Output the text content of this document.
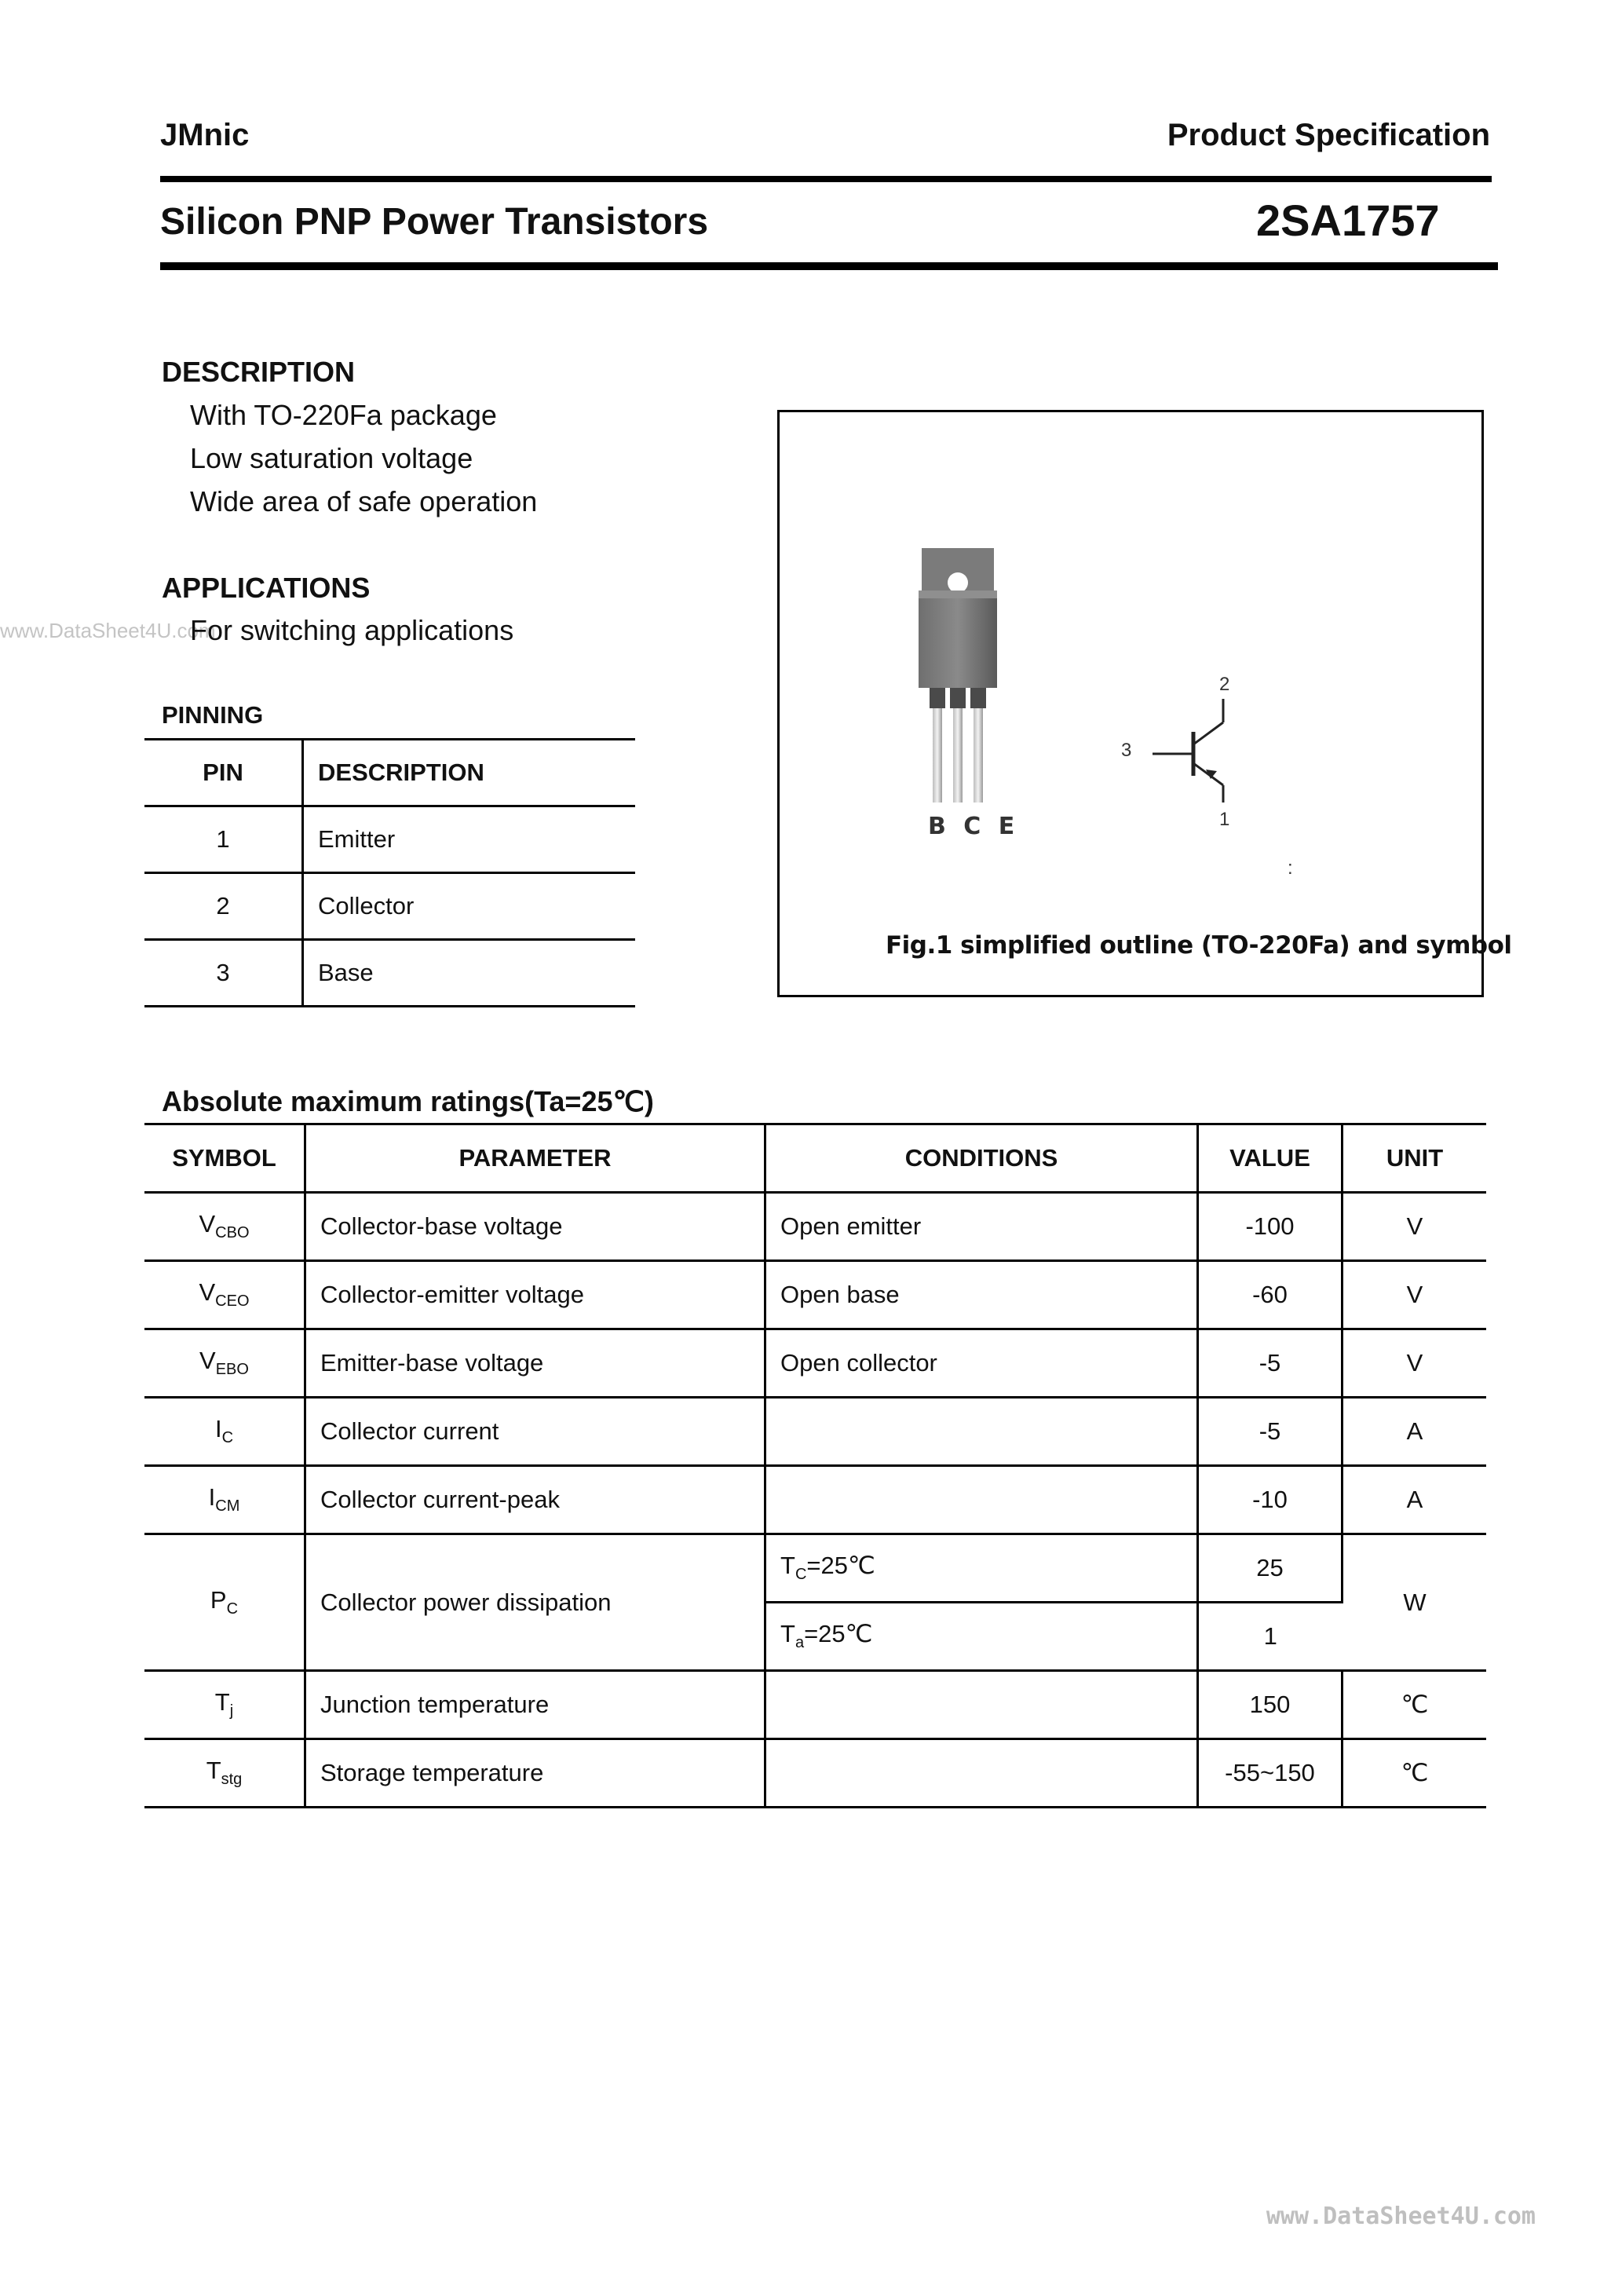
JMnic	Product Specification
Silicon PNP Power Transistors	2SA1757
DESCRIPTION
With TO-220Fa package
Low saturation voltage
Wide area of safe operation
APPLICATIONS
www.DataSheet4U.com
For switching applications
PINNING
PIN	DESCRIPTION
1	Emitter
2	Collector
3	Base
B C E
2
3
1
:
Fig.1 simplified outline (TO-220Fa) and symbol
Absolute maximum ratings(Ta=25℃)
SYMBOL	PARAMETER	CONDITIONS	VALUE	UNIT
$V_{CBO}$	Collector-base voltage	Open emitter	-100	V
$V_{CEO}$	Collector-emitter voltage	Open base	-60	V
$V_{EBO}$	Emitter-base voltage	Open collector	-5	V
$I_C$	Collector current		-5	A
$I_{CM}$	Collector current-peak		-10	A
$P_C$	Collector power dissipation	$T_C=25℃$	25	W
		$T_a=25℃$	1	
$T_j$	Junction temperature		150	℃
$T_{stg}$	Storage temperature		-55~150	℃
www.DataSheet4U.com
